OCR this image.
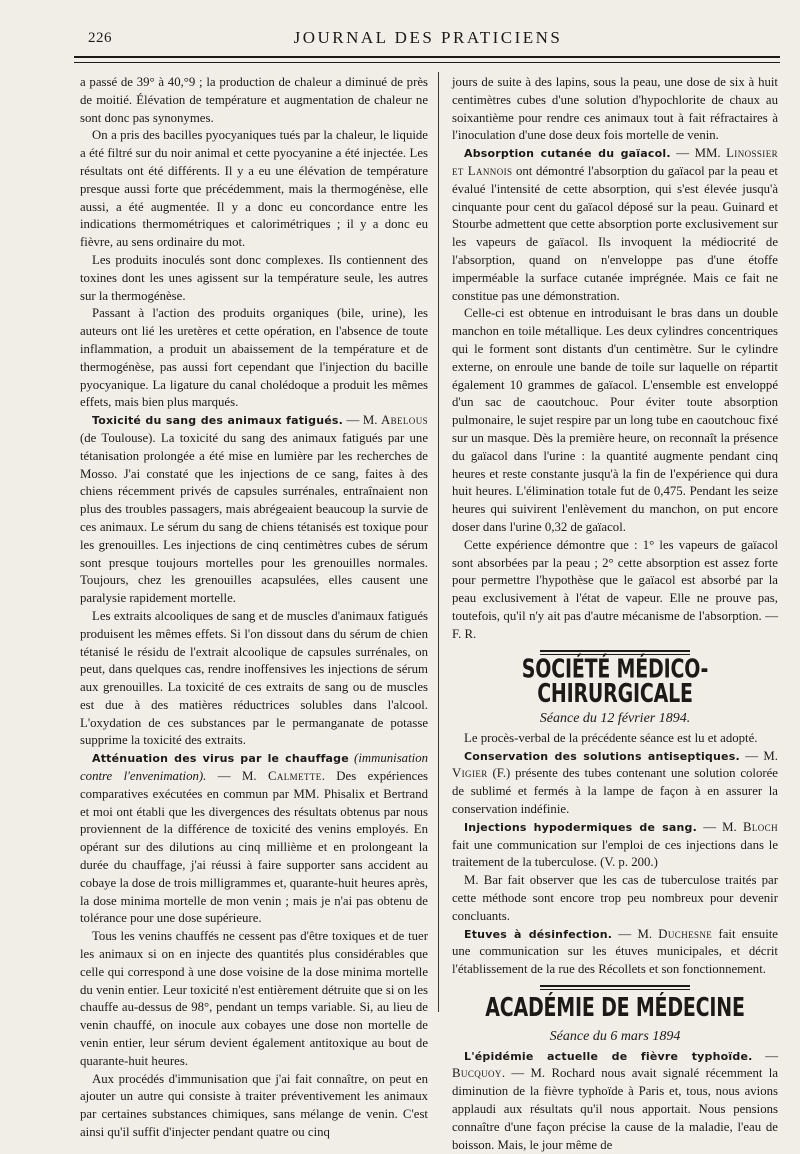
226	JOURNAL DES PRATICIENS

a passé de 39° à 40,°9 ; la production de chaleur a diminué de près de moitié. Élévation de température et augmentation de chaleur ne sont donc pas synonymes.

On a pris des bacilles pyocyaniques tués par la chaleur, le liquide a été filtré sur du noir animal et cette pyocyanine a été injectée. Les résultats ont été différents. Il y a eu une élévation de température presque aussi forte que précédemment, mais la thermogénèse, elle aussi, a été augmentée. Il y a donc eu concordance entre les indications thermométriques et calorimétriques ; il y a donc eu fièvre, au sens ordinaire du mot.

Les produits inoculés sont donc complexes. Ils contiennent des toxines dont les unes agissent sur la température seule, les autres sur la thermogénèse.

Passant à l'action des produits organiques (bile, urine), les auteurs ont lié les uretères et cette opération, en l'absence de toute inflammation, a produit un abaissement de la température et de thermogénèse, pas aussi fort cependant que l'injection du bacille pyocyanique. La ligature du canal cholédoque a produit les mêmes effets, mais bien plus marqués.

Toxicité du sang des animaux fatigués. — M. Abelous (de Toulouse). La toxicité du sang des animaux fatigués par une tétanisation prolongée a été mise en lumière par les recherches de Mosso. J'ai constaté que les injections de ce sang, faites à des chiens récemment privés de capsules surrénales, entraînaient non plus des troubles passagers, mais abrégeaient beaucoup la survie de ces animaux. Le sérum du sang de chiens tétanisés est toxique pour les grenouilles. Les injections de cinq centimètres cubes de sérum sont presque toujours mortelles pour les grenouilles normales. Toujours, chez les grenouilles acapsulées, elles causent une paralysie rapidement mortelle.

Les extraits alcooliques de sang et de muscles d'animaux fatigués produisent les mêmes effets. Si l'on dissout dans du sérum de chien tétanisé le résidu de l'extrait alcoolique de capsules surrénales, on peut, dans quelques cas, rendre inoffensives les injections de sérum aux grenouilles. La toxicité de ces extraits de sang ou de muscles est due à des matières réductrices solubles dans l'alcool. L'oxydation de ces substances par le permanganate de potasse supprime la toxicité des extraits.

Atténuation des virus par le chauffage (immunisation contre l'envenimation). — M. Calmette. Des expériences comparatives exécutées en commun par MM. Phisalix et Bertrand et moi ont établi que les divergences des résultats obtenus par nous proviennent de la différence de toxicité des venins employés. En opérant sur des dilutions au cinq millième et en prolongeant la durée du chauffage, j'ai réussi à faire supporter sans accident au cobaye la dose de trois milligrammes et, quarante-huit heures après, la dose minima mortelle de mon venin ; mais je n'ai pas obtenu de tolérance pour une dose supérieure.

Tous les venins chauffés ne cessent pas d'être toxiques et de tuer les animaux si on en injecte des quantités plus considérables que celle qui correspond à une dose voisine de la dose minima mortelle du venin entier. Leur toxicité n'est entièrement détruite que si on les chauffe au-dessus de 98°, pendant un temps variable. Si, au lieu de venin chauffé, on inocule aux cobayes une dose non mortelle de venin entier, leur sérum devient également antitoxique au bout de quarante-huit heures.

Aux procédés d'immunisation que j'ai fait connaître, on peut en ajouter un autre qui consiste à traiter préventivement les animaux par certaines substances chimiques, sans mélange de venin. C'est ainsi qu'il suffit d'injecter pendant quatre ou cinq

jours de suite à des lapins, sous la peau, une dose de six à huit centimètres cubes d'une solution d'hypochlorite de chaux au soixantième pour rendre ces animaux tout à fait réfractaires à l'inoculation d'une dose deux fois mortelle de venin.

Absorption cutanée du gaïacol. — MM. Linossier et Lannois ont démontré l'absorption du gaïacol par la peau et évalué l'intensité de cette absorption, qui s'est élevée jusqu'à cinquante pour cent du gaïacol déposé sur la peau. Guinard et Stourbe admettent que cette absorption porte exclusivement sur les vapeurs de gaïacol. Ils invoquent la médiocrité de l'absorption, quand on n'enveloppe pas d'une étoffe imperméable la surface cutanée imprégnée. Mais ce fait ne constitue pas une démonstration.

Celle-ci est obtenue en introduisant le bras dans un double manchon en toile métallique. Les deux cylindres concentriques qui le forment sont distants d'un centimètre. Sur le cylindre externe, on enroule une bande de toile sur laquelle on répartit également 10 grammes de gaïacol. L'ensemble est enveloppé d'un sac de caoutchouc. Pour éviter toute absorption pulmonaire, le sujet respire par un long tube en caoutchouc fixé sur un masque. Dès la première heure, on reconnaît la présence du gaïacol dans l'urine : la quantité augmente pendant cinq heures et reste constante jusqu'à la fin de l'expérience qui dura huit heures. L'élimination totale fut de 0,475. Pendant les seize heures qui suivirent l'enlèvement du manchon, on put encore doser dans l'urine 0,32 de gaïacol.

Cette expérience démontre que : 1° les vapeurs de gaïacol sont absorbées par la peau ; 2° cette absorption est assez forte pour permettre l'hypothèse que le gaïacol est absorbé par la peau exclusivement à l'état de vapeur. Elle ne prouve pas, toutefois, qu'il n'y ait pas d'autre mécanisme de l'absorption. — F. R.

SOCIÉTÉ MÉDICO-CHIRURGICALE
Séance du 12 février 1894.

Le procès-verbal de la précédente séance est lu et adopté.

Conservation des solutions antiseptiques. — M. Vigier (F.) présente des tubes contenant une solution colorée de sublimé et fermés à la lampe de façon à en assurer la conservation indéfinie.

Injections hypodermiques de sang. — M. Bloch fait une communication sur l'emploi de ces injections dans le traitement de la tuberculose. (V. p. 200.)

M. Bar fait observer que les cas de tuberculose traités par cette méthode sont encore trop peu nombreux pour devenir concluants.

Etuves à désinfection. — M. Duchesne fait ensuite une communication sur les étuves municipales, et décrit l'établissement de la rue des Récollets et son fonctionnement.

ACADÉMIE DE MÉDECINE
Séance du 6 mars 1894

L'épidémie actuelle de fièvre typhoïde. — Bucquoy. — M. Rochard nous avait signalé récemment la diminution de la fièvre typhoïde à Paris et, tous, nous avions applaudi aux résultats qu'il nous apportait. Nous pensions connaître d'une façon précise la cause de la maladie, l'eau de boisson. Mais, le jour même de
